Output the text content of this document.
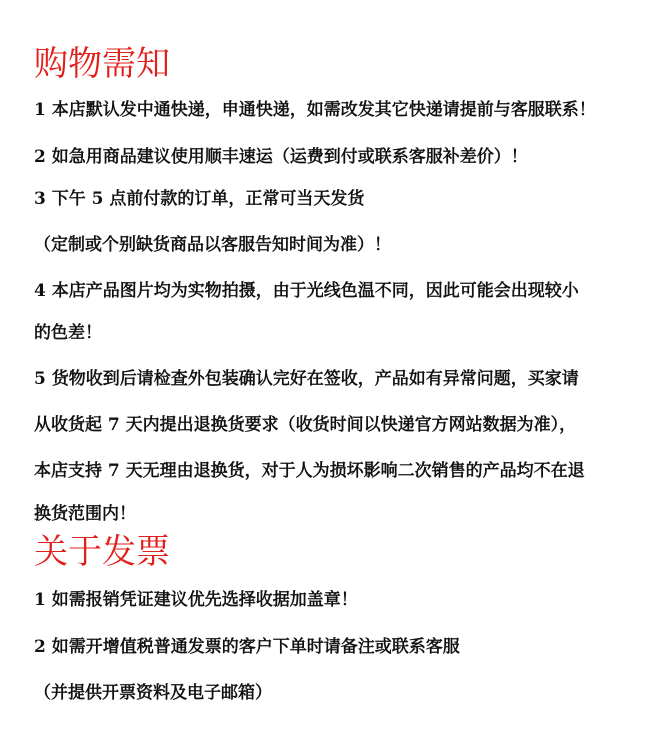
购物需知
1 本店默认发中通快递，申通快递，如需改发其它快递请提前与客服联系！
2 如急用商品建议使用顺丰速运（运费到付或联系客服补差价）！
3 下午 5 点前付款的订单，正常可当天发货
（定制或个别缺货商品以客服告知时间为准）！
4 本店产品图片均为实物拍摄，由于光线色温不同，因此可能会出现较小
的色差！
5 货物收到后请检查外包装确认完好在签收，产品如有异常问题，买家请
从收货起 7 天内提出退换货要求（收货时间以快递官方网站数据为准），
本店支持 7 天无理由退换货，对于人为损坏影响二次销售的产品均不在退
换货范围内！
关于发票
1 如需报销凭证建议优先选择收据加盖章！
2 如需开增值税普通发票的客户下单时请备注或联系客服
（并提供开票资料及电子邮箱）
